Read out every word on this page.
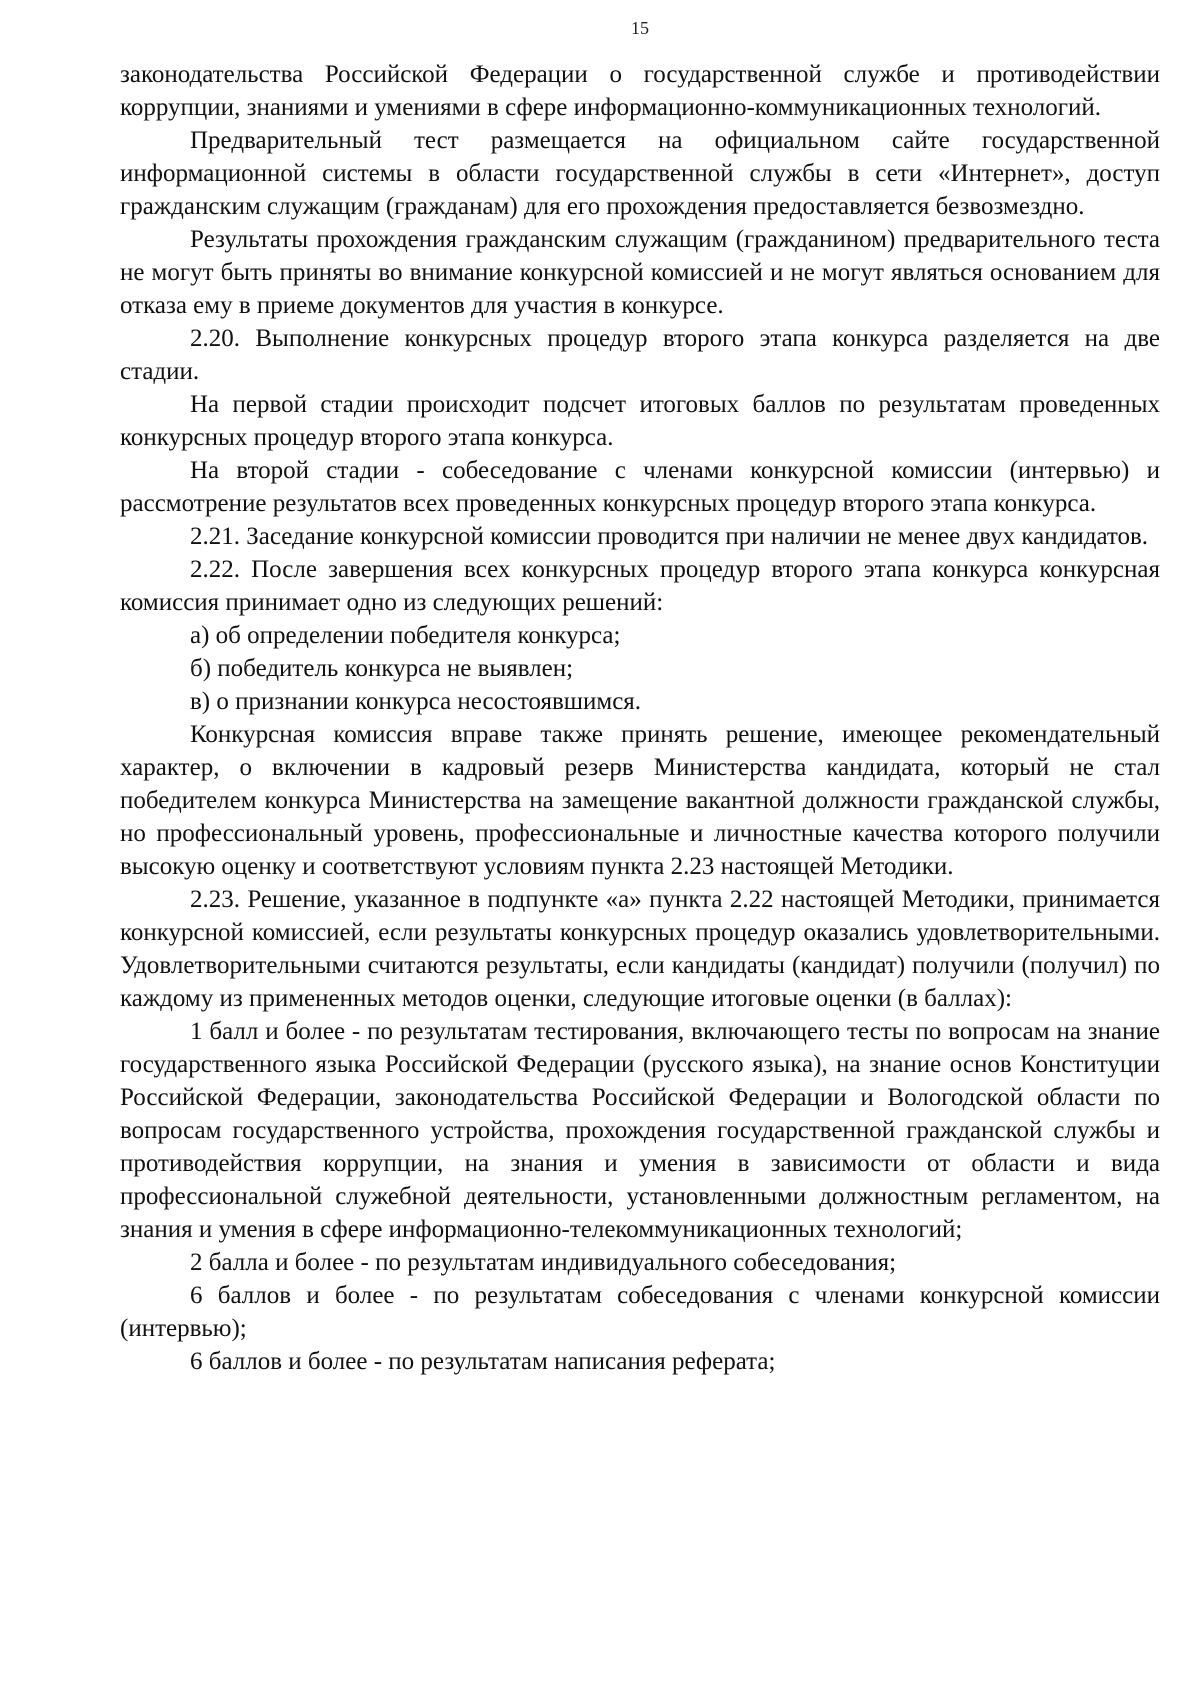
15

законодательства Российской Федерации о государственной службе и противодействии коррупции, знаниями и умениями в сфере информационно-коммуникационных технологий.

Предварительный тест размещается на официальном сайте государственной информационной системы в области государственной службы в сети «Интернет», доступ гражданским служащим (гражданам) для его прохождения предоставляется безвозмездно.

Результаты прохождения гражданским служащим (гражданином) предварительного теста не могут быть приняты во внимание конкурсной комиссией и не могут являться основанием для отказа ему в приеме документов для участия в конкурсе.

2.20. Выполнение конкурсных процедур второго этапа конкурса разделяется на две стадии.

На первой стадии происходит подсчет итоговых баллов по результатам проведенных конкурсных процедур второго этапа конкурса.

На второй стадии - собеседование с членами конкурсной комиссии (интервью) и рассмотрение результатов всех проведенных конкурсных процедур второго этапа конкурса.

2.21. Заседание конкурсной комиссии проводится при наличии не менее двух кандидатов.

2.22. После завершения всех конкурсных процедур второго этапа конкурса конкурсная комиссия принимает одно из следующих решений:

а) об определении победителя конкурса;

б) победитель конкурса не выявлен;

в) о признании конкурса несостоявшимся.

Конкурсная комиссия вправе также принять решение, имеющее рекомендательный характер, о включении в кадровый резерв Министерства кандидата, который не стал победителем конкурса Министерства на замещение вакантной должности гражданской службы, но профессиональный уровень, профессиональные и личностные качества которого получили высокую оценку и соответствуют условиям пункта 2.23 настоящей Методики.

2.23. Решение, указанное в подпункте «а» пункта 2.22 настоящей Методики, принимается конкурсной комиссией, если результаты конкурсных процедур оказались удовлетворительными. Удовлетворительными считаются результаты, если кандидаты (кандидат) получили (получил) по каждому из примененных методов оценки, следующие итоговые оценки (в баллах):

1 балл и более - по результатам тестирования, включающего тесты по вопросам на знание государственного языка Российской Федерации (русского языка), на знание основ Конституции Российской Федерации, законодательства Российской Федерации и Вологодской области по вопросам государственного устройства, прохождения государственной гражданской службы и противодействия коррупции, на знания и умения в зависимости от области и вида профессиональной служебной деятельности, установленными должностным регламентом, на знания и умения в сфере информационно-телекоммуникационных технологий;

2 балла и более - по результатам индивидуального собеседования;

6 баллов и более - по результатам собеседования с членами конкурсной комиссии (интервью);

6 баллов и более - по результатам написания реферата;
